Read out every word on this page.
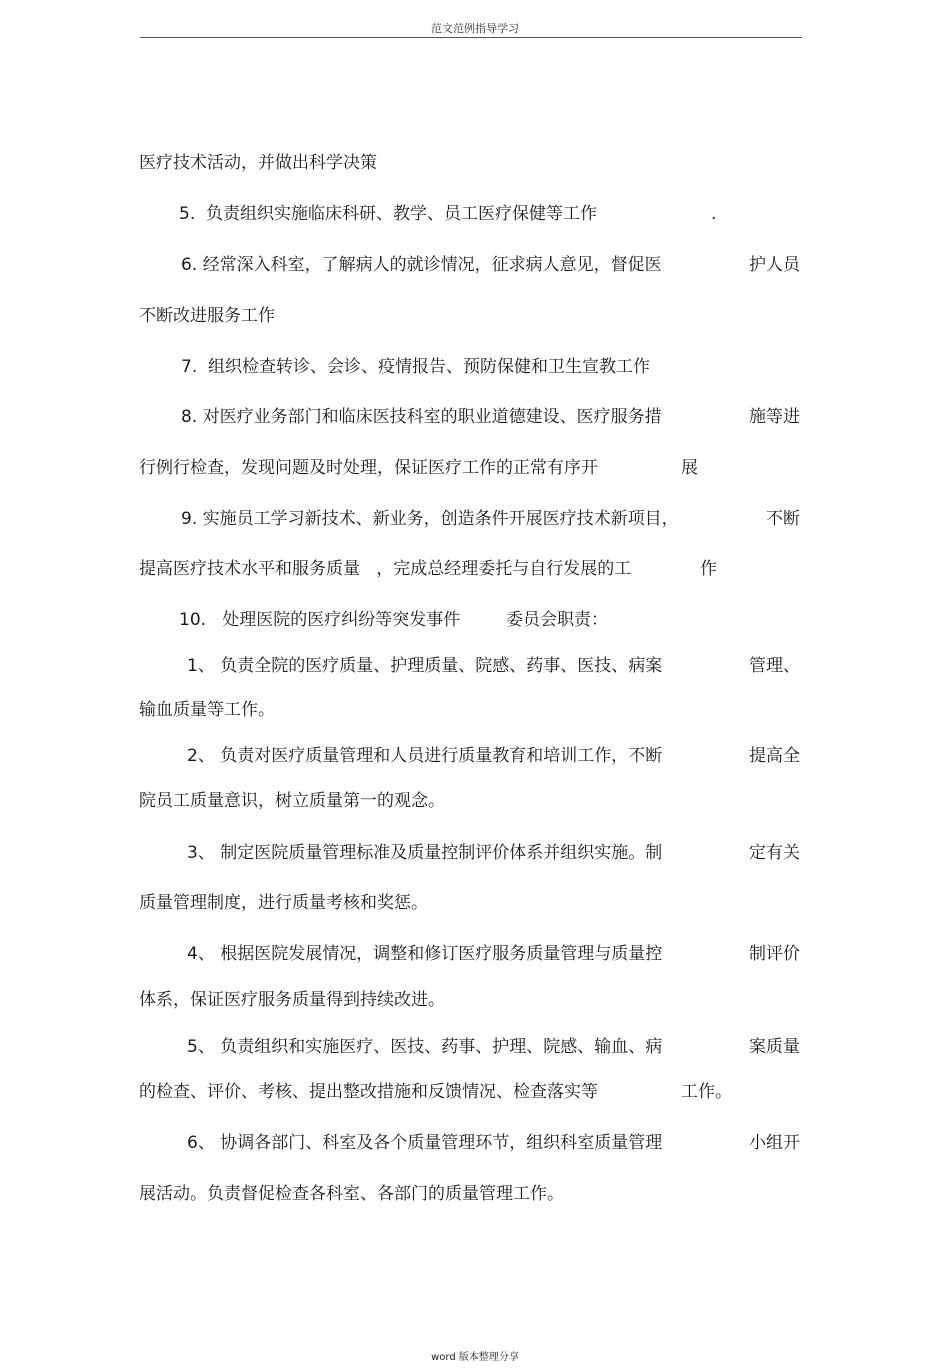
范文范例指导学习
医疗技术活动，并做出科学决策
5.  负责组织实施临床科研、教学、员工医疗保健等工作	.
6. 经常深入科室，了解病人的就诊情况，征求病人意见，督促医	护人员
不断改进服务工作
7.  组织检查转诊、会诊、疫情报告、预防保健和卫生宣教工作
8. 对医疗业务部门和临床医技科室的职业道德建设、医疗服务措	施等进
行例行检查，发现问题及时处理，保证医疗工作的正常有序开	展
9. 实施员工学习新技术、新业务，创造条件开展医疗技术新项目，	不断
提高医疗技术水平和服务质量   ，完成总经理委托与自行发展的工	作
10.   处理医院的医疗纠纷等突发事件	委员会职责：
1、 负责全院的医疗质量、护理质量、院感、药事、医技、病案	管理、
输血质量等工作。
2、 负责对医疗质量管理和人员进行质量教育和培训工作，不断	提高全
院员工质量意识，树立质量第一的观念。
3、 制定医院质量管理标准及质量控制评价体系并组织实施。制	定有关
质量管理制度，进行质量考核和奖惩。
4、 根据医院发展情况，调整和修订医疗服务质量管理与质量控	制评价
体系，保证医疗服务质量得到持续改进。
5、 负责组织和实施医疗、医技、药事、护理、院感、输血、病	案质量
的检查、评价、考核、提出整改措施和反馈情况、检查落实等	工作。
6、 协调各部门、科室及各个质量管理环节，组织科室质量管理	小组开
展活动。负责督促检查各科室、各部门的质量管理工作。
word 版本整理分享
